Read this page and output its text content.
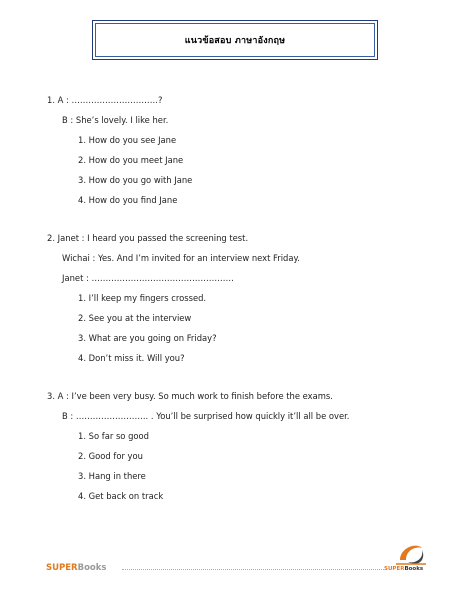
แนวข้อสอบ ภาษาอังกฤษ
1. A : ………………………….?
B : She’s lovely. I like her.
1. How do you see Jane
2. How do you meet Jane
3. How do you go with Jane
4. How do you find Jane
2. Janet : I heard you passed the screening test.
Wichai : Yes. And I’m invited for an interview next Friday.
Janet : ……………………………………………
1. I’ll keep my fingers crossed.
2. See you at the interview
3. What are you going on Friday?
4. Don’t miss it. Will you?
3. A : I’ve been very busy. So much work to finish before the exams.
B : …………………….. . You’ll be surprised how quickly it’ll all be over.
1. So far so good
2. Good for you
3. Hang in there
4. Get back on track
SUPERBooks	SUPERBooks
